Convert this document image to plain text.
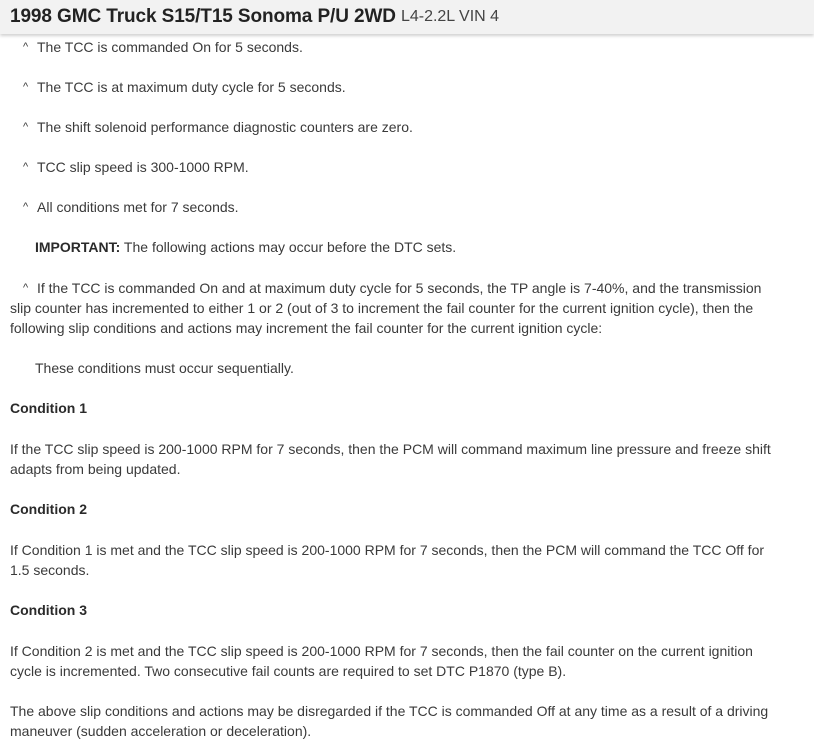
^ The TCC is commanded On for 5 seconds.
^ The TCC is at maximum duty cycle for 5 seconds.
^ The shift solenoid performance diagnostic counters are zero.
^ TCC slip speed is 300-1000 RPM.
^ All conditions met for 7 seconds.
IMPORTANT: The following actions may occur before the DTC sets.
^ If the TCC is commanded On and at maximum duty cycle for 5 seconds, the TP angle is 7-40%, and the transmission
slip counter has incremented to either 1 or 2 (out of 3 to increment the fail counter for the current ignition cycle), then the
following slip conditions and actions may increment the fail counter for the current ignition cycle:
These conditions must occur sequentially.
Condition 1
If the TCC slip speed is 200-1000 RPM for 7 seconds, then the PCM will command maximum line pressure and freeze shift
adapts from being updated.
Condition 2
If Condition 1 is met and the TCC slip speed is 200-1000 RPM for 7 seconds, then the PCM will command the TCC Off for
1.5 seconds.
Condition 3
If Condition 2 is met and the TCC slip speed is 200-1000 RPM for 7 seconds, then the fail counter on the current ignition
cycle is incremented. Two consecutive fail counts are required to set DTC P1870 (type B).
The above slip conditions and actions may be disregarded if the TCC is commanded Off at any time as a result of a driving
maneuver (sudden acceleration or deceleration).
1998 GMC Truck S15/T15 Sonoma P/U 2WD L4-2.2L VIN 4
